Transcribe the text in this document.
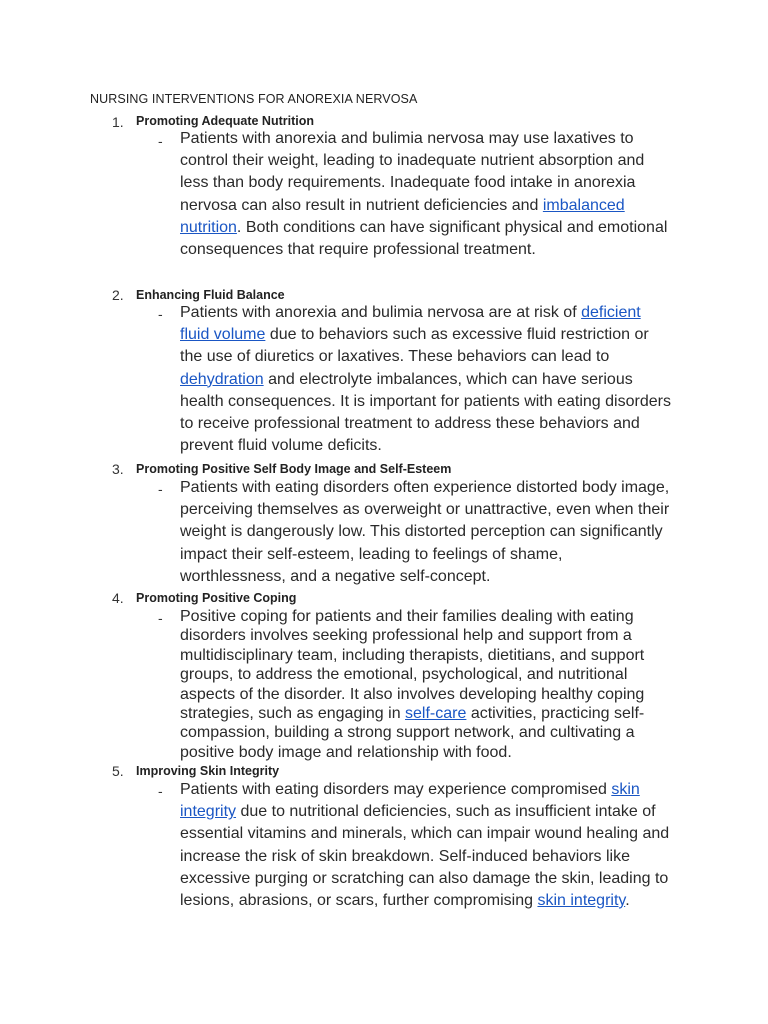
NURSING INTERVENTIONS FOR ANOREXIA NERVOSA
1. Promoting Adequate Nutrition
- Patients with anorexia and bulimia nervosa may use laxatives to control their weight, leading to inadequate nutrient absorption and less than body requirements. Inadequate food intake in anorexia nervosa can also result in nutrient deficiencies and imbalanced nutrition. Both conditions can have significant physical and emotional consequences that require professional treatment.

2. Enhancing Fluid Balance
- Patients with anorexia and bulimia nervosa are at risk of deficient fluid volume due to behaviors such as excessive fluid restriction or the use of diuretics or laxatives. These behaviors can lead to dehydration and electrolyte imbalances, which can have serious health consequences. It is important for patients with eating disorders to receive professional treatment to address these behaviors and prevent fluid volume deficits.

3. Promoting Positive Self Body Image and Self-Esteem
- Patients with eating disorders often experience distorted body image, perceiving themselves as overweight or unattractive, even when their weight is dangerously low. This distorted perception can significantly impact their self-esteem, leading to feelings of shame, worthlessness, and a negative self-concept.

4. Promoting Positive Coping
- Positive coping for patients and their families dealing with eating disorders involves seeking professional help and support from a multidisciplinary team, including therapists, dietitians, and support groups, to address the emotional, psychological, and nutritional aspects of the disorder. It also involves developing healthy coping strategies, such as engaging in self-care activities, practicing self-compassion, building a strong support network, and cultivating a positive body image and relationship with food.

5. Improving Skin Integrity
- Patients with eating disorders may experience compromised skin integrity due to nutritional deficiencies, such as insufficient intake of essential vitamins and minerals, which can impair wound healing and increase the risk of skin breakdown. Self-induced behaviors like excessive purging or scratching can also damage the skin, leading to lesions, abrasions, or scars, further compromising skin integrity.
